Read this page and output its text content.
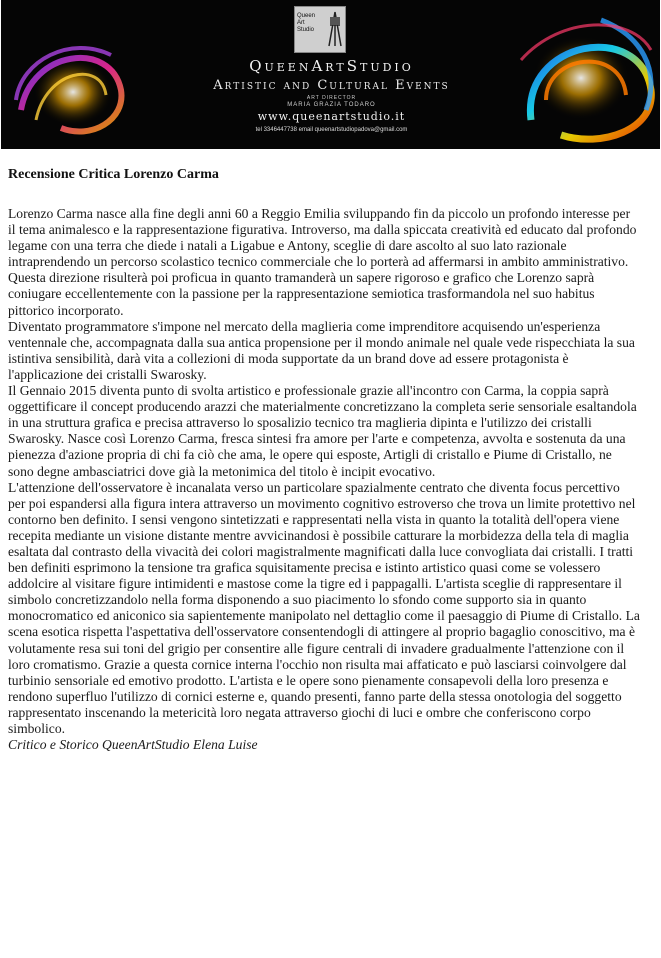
Queen
Art
Studio
QueenArtStudio
Artistic and Cultural Events
ART DIRECTOR
MARIA GRAZIA TODARO
www.queenartstudio.it
tel 3346447738 email queenartstudiopadova@gmail.com
Recensione Critica Lorenzo Carma

Lorenzo Carma nasce alla fine degli anni 60 a Reggio Emilia sviluppando fin da piccolo un profondo interesse per il tema animalesco e la rappresentazione figurativa. Introverso, ma dalla spiccata creatività ed educato dal profondo legame con una terra che diede i natali a Ligabue e Antony, sceglie di dare ascolto al suo lato razionale intraprendendo un percorso scolastico tecnico commerciale che lo porterà ad affermarsi in ambito amministrativo. Questa direzione risulterà poi proficua in quanto tramanderà un sapere rigoroso e grafico che Lorenzo saprà coniugare eccellentemente con la passione per la rappresentazione semiotica trasformandola nel suo habitus pittorico incorporato.

Diventato programmatore s'impone nel mercato della maglieria come imprenditore acquisendo un'esperienza ventennale che, accompagnata dalla sua antica propensione per il mondo animale nel quale vede rispecchiata la sua istintiva sensibilità, darà vita a collezioni di moda supportate da un brand dove ad essere protagonista è l'applicazione dei cristalli Swarosky.

Il Gennaio 2015 diventa punto di svolta artistico e professionale grazie all'incontro con Carma, la coppia saprà oggettificare il concept producendo arazzi che materialmente concretizzano la completa serie sensoriale esaltandola in una struttura grafica e precisa attraverso lo sposalizio tecnico tra maglieria dipinta e l'utilizzo dei cristalli Swarosky. Nasce così Lorenzo Carma, fresca sintesi fra amore per l'arte e competenza, avvolta e sostenuta da una pienezza d'azione propria di chi fa ciò che ama, le opere qui esposte, Artigli di cristallo e Piume di Cristallo, ne sono degne ambasciatrici dove già la metonimica del titolo è incipit evocativo.

L'attenzione dell'osservatore è incanalata verso un particolare spazialmente centrato che diventa focus percettivo per poi espandersi alla figura intera attraverso un movimento cognitivo estroverso che trova un limite protettivo nel contorno ben definito. I sensi vengono sintetizzati e rappresentati nella vista in quanto la totalità dell'opera viene recepita mediante un visione distante mentre avvicinandosi è possibile catturare la morbidezza della tela di maglia esaltata dal contrasto della vivacità dei colori magistralmente magnificati dalla luce convogliata dai cristalli. I tratti ben definiti esprimono la tensione tra grafica squisitamente precisa e istinto artistico quasi come se volessero addolcire al visitare figure intimidenti e mastose come la tigre ed i pappagalli. L'artista sceglie di rappresentare il simbolo concretizzandolo nella forma disponendo a suo piacimento lo sfondo come supporto sia in quanto monocromatico ed aniconico sia sapientemente manipolato nel dettaglio come il paesaggio di Piume di Cristallo. La scena esotica rispetta l'aspettativa dell'osservatore consentendogli di attingere al proprio bagaglio conoscitivo, ma è volutamente resa sui toni del grigio per consentire alle figure centrali di invadere gradualmente l'attenzione con il loro cromatismo. Grazie a questa cornice interna l'occhio non risulta mai affaticato e può lasciarsi coinvolgere dal turbinio sensoriale ed emotivo prodotto. L'artista e le opere sono pienamente consapevoli della loro presenza e rendono superfluo l'utilizzo di cornici esterne e, quando presenti, fanno parte della stessa onotologia del soggetto rappresentato inscenando la metericità loro negata attraverso giochi di luci e ombre che conferiscono corpo simbolico.

Critico e Storico QueenArtStudio Elena Luise
